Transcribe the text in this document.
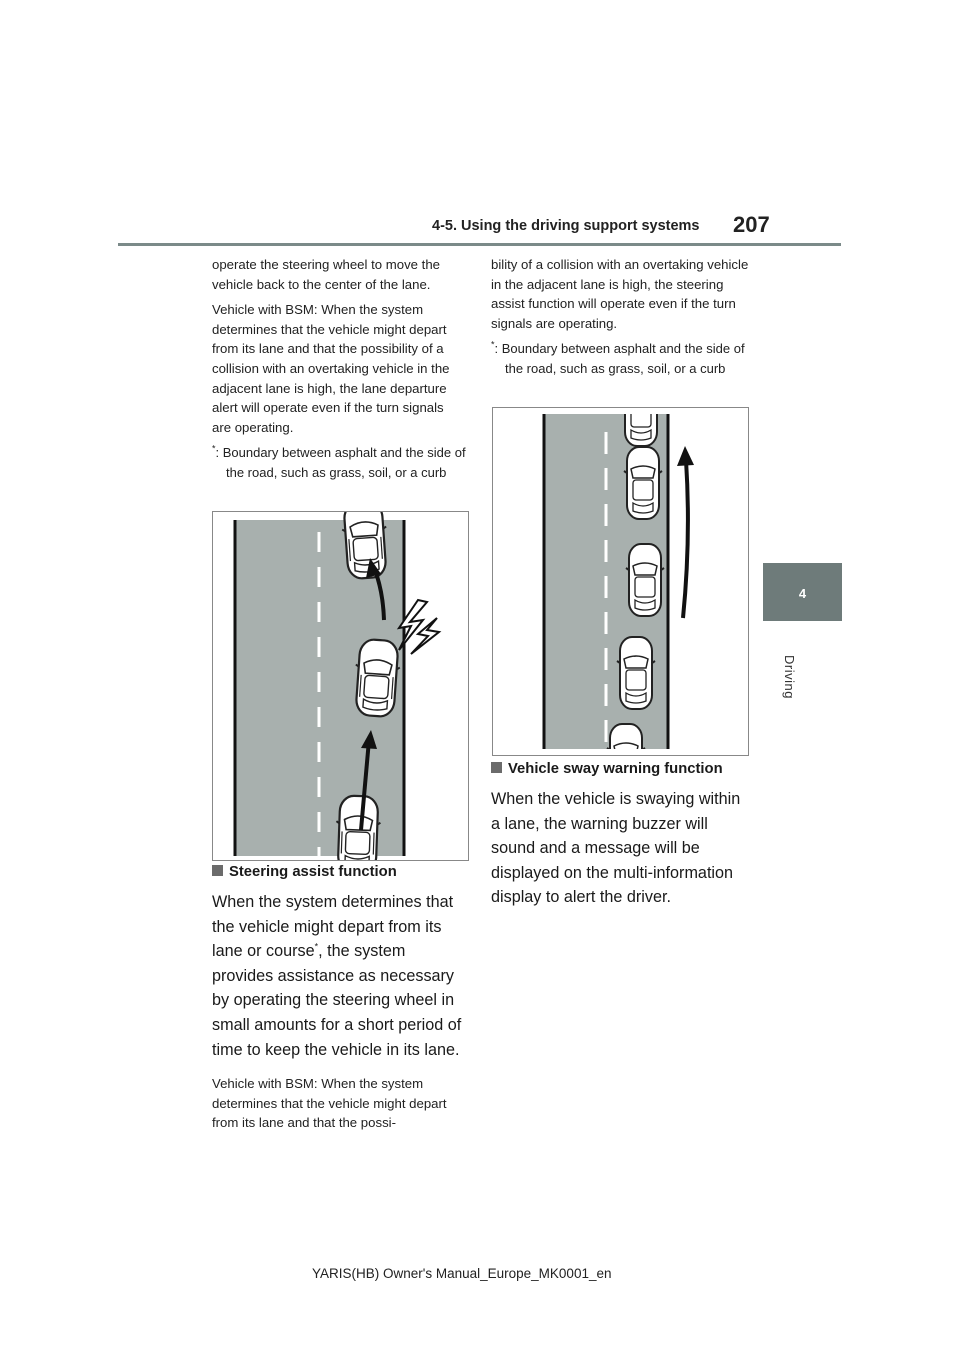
4-5. Using the driving support systems 207
4
Driving

operate the steering wheel to move the vehicle back to the center of the lane.

Vehicle with BSM: When the system determines that the vehicle might depart from its lane and that the possibility of a collision with an overtaking vehicle in the adjacent lane is high, the lane departure alert will operate even if the turn signals are operating.

*: Boundary between asphalt and the side of the road, such as grass, soil, or a curb

Steering assist function

When the system determines that the vehicle might depart from its lane or course*, the system provides assistance as necessary by operating the steering wheel in small amounts for a short period of time to keep the vehicle in its lane.

Vehicle with BSM: When the system determines that the vehicle might depart from its lane and that the possi-

bility of a collision with an overtaking vehicle in the adjacent lane is high, the steering assist function will operate even if the turn signals are operating.

*: Boundary between asphalt and the side of the road, such as grass, soil, or a curb

Vehicle sway warning function

When the vehicle is swaying within a lane, the warning buzzer will sound and a message will be displayed on the multi-information display to alert the driver.

YARIS(HB) Owner's Manual_Europe_MK0001_en
